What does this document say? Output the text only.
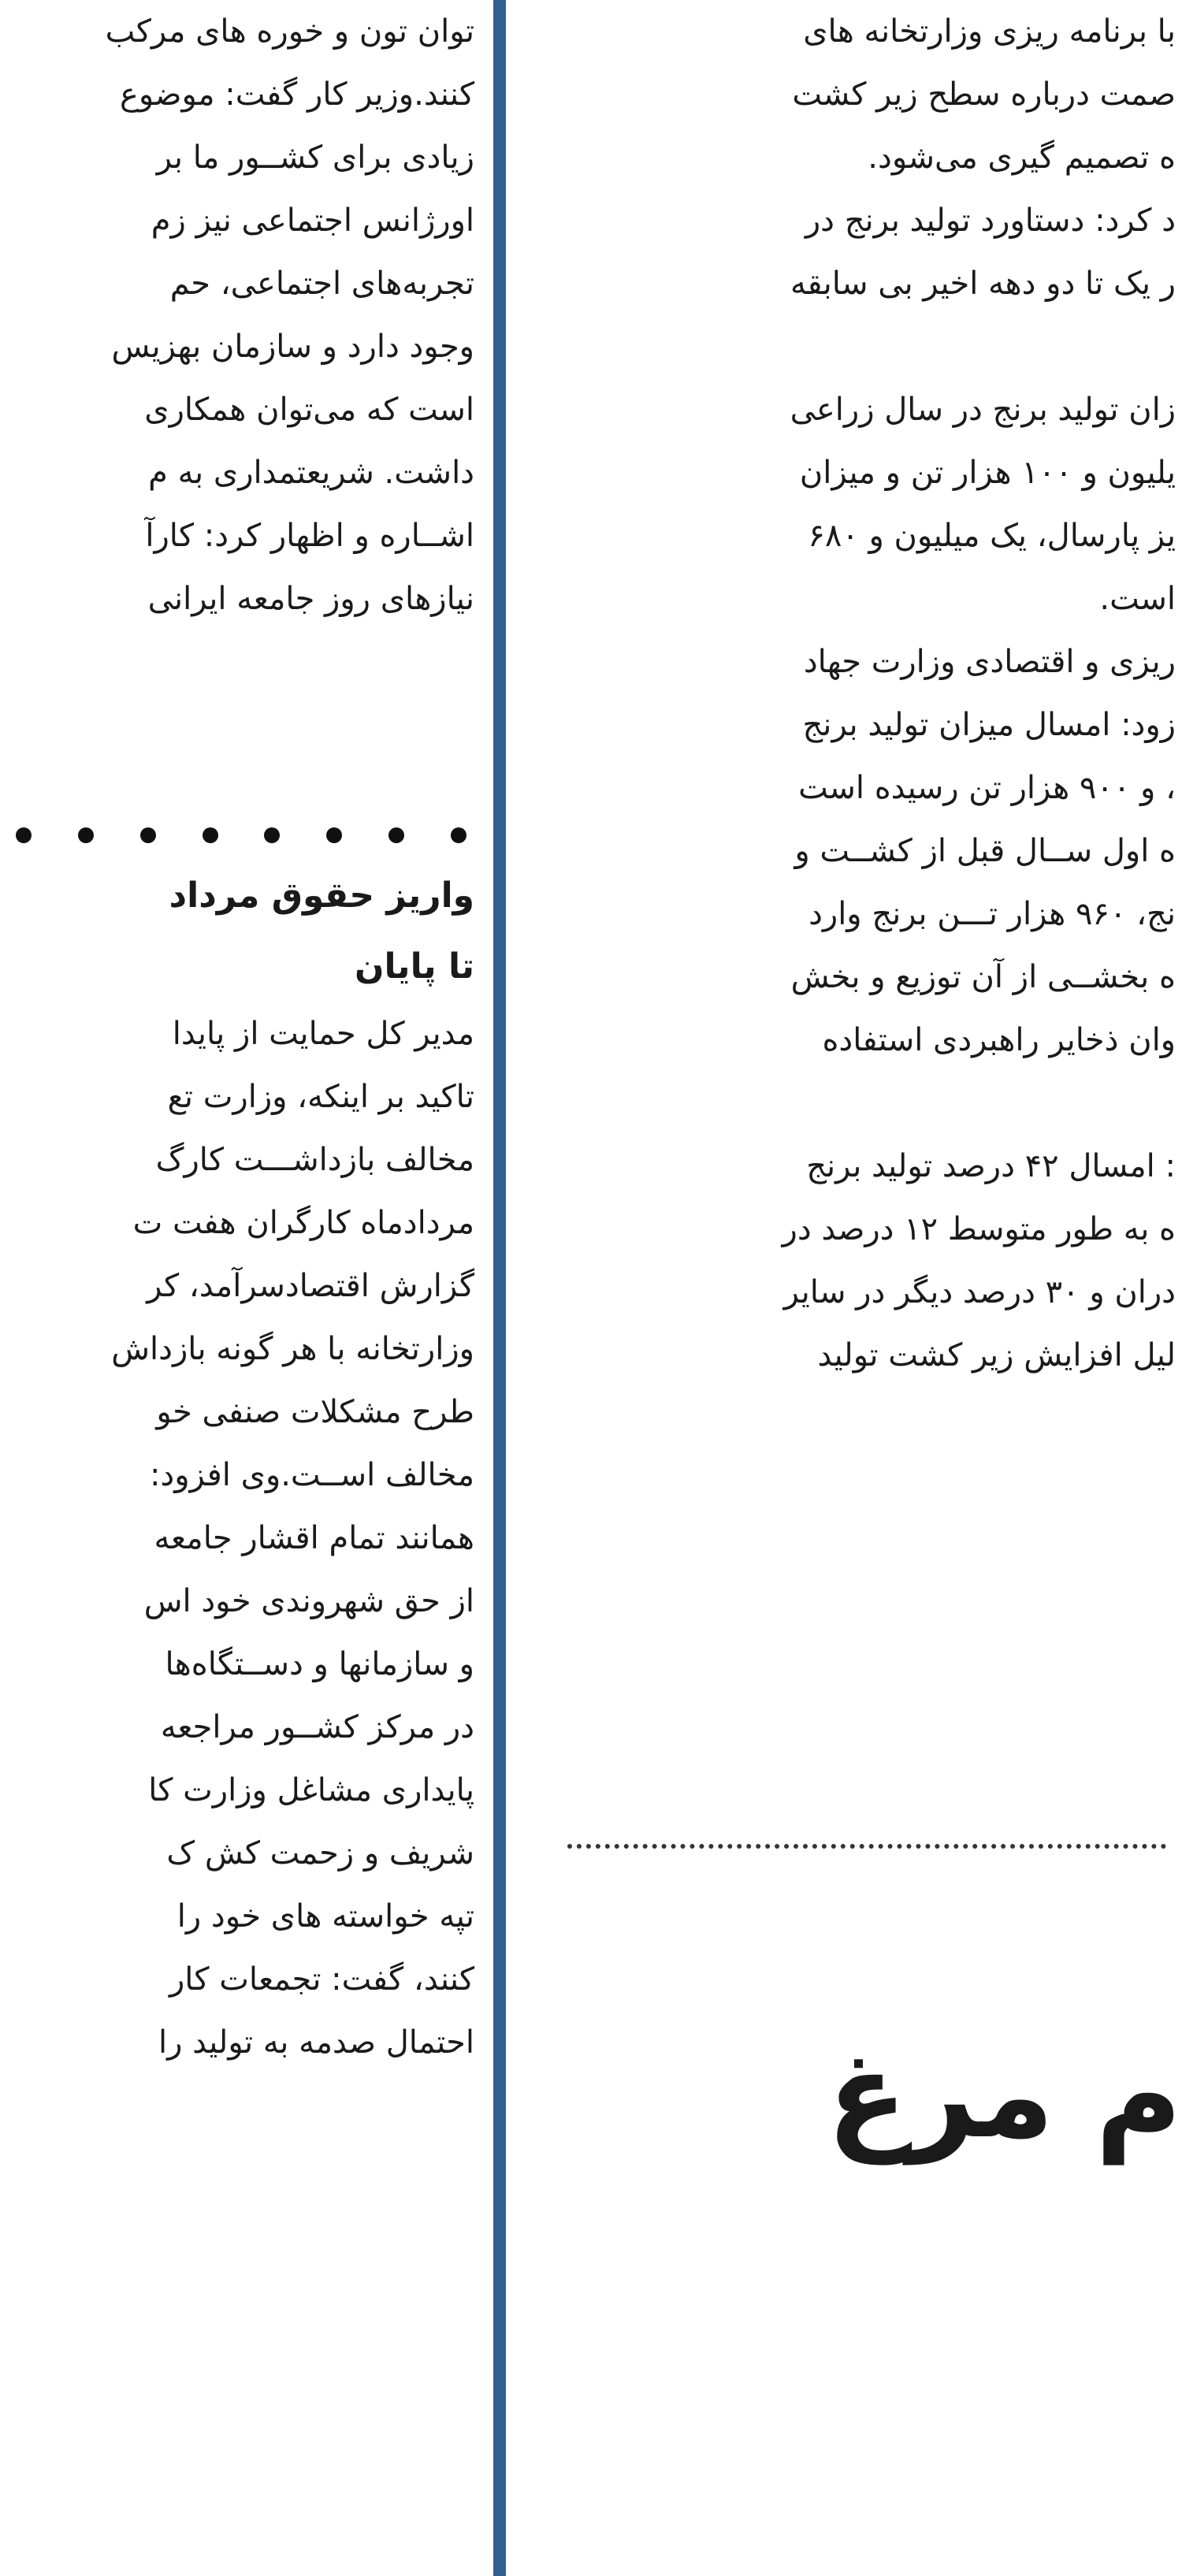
توان تون و خوره های مرکب
کنند.وزیر کار گفت: موضوع
زیادی برای کشــور ما بر
اورژانس اجتماعی نیز زم
تجربه‌های اجتماعی، حم
وجود دارد و سازمان بهزیس
است که می‌توان همکاری
داشت. شریعتمداری به م
اشــاره و اظهار کرد: کارآ
نیازهای روز جامعه ایرانی
واریز حقوق مرداد
تا پایان
مدیر کل حمایت از پایدا
تاکید بر اینکه، وزارت تع
مخالف بازداشـــت کارگ
مردادماه کارگران هفت ت
گزارش اقتصادسرآمد، کر
وزارتخانه با هر گونه بازداش
طرح مشکلات صنفی خو
مخالف اســت.وی افزود:
همانند تمام اقشار جامعه
از حق شهروندی خود اس
و سازمانها و دســتگاه‌ها
در مرکز کشــور مراجعه
پایداری مشاغل وزارت کا
شریف و زحمت کش ک
تپه خواسته های خود را
کنند، گفت: تجمعات کار
احتمال صدمه به تولید را
با برنامه ریزی وزارتخانه های
صمت درباره سطح زیر کشت
ه تصمیم گیری می‌شود.
د کرد: دستاورد تولید برنج در
ر یک تا دو دهه اخیر بی سابقه
زان تولید برنج در سال زراعی
یلیون و ۱۰۰ هزار تن و میزان
یز پارسال، یک میلیون و ۶۸۰
است.
ریزی و اقتصادی وزارت جهاد
زود: امسال میزان تولید برنج
، و ۹۰۰ هزار تن رسیده است
ه اول ســال قبل از کشــت و
نج، ۹۶۰ هزار تـــن برنج وارد
ه بخشــی از آن توزیع و بخش
وان ذخایر راهبردی استفاده
: امسال ۴۲ درصد تولید برنج
ه به طور متوسط ۱۲ درصد در
دران و ۳۰ درصد دیگر در سایر
لیل افزایش زیر کشت تولید
م مرغ
